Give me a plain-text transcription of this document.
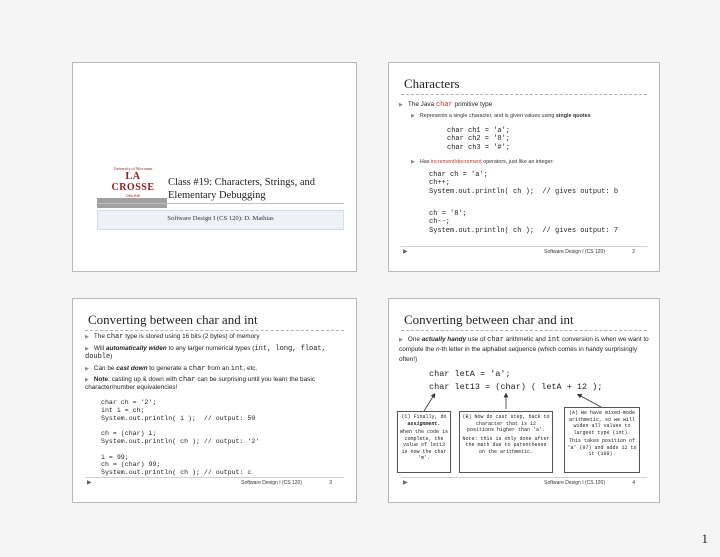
University of Wisconsin
LA CROSSE
ONLINE
Class #19: Characters, Strings, and Elementary Debugging
Software Design I (CS 120): D. Mathias
Characters
▶ The Java char primitive type
▶ Represents a single character, and is given values using single quotes
char ch1 = 'a';
char ch2 = '8';
char ch3 = '#';
▶ Has increment/decrement operators, just like an integer:
char ch = 'a';
ch++;
System.out.println( ch );  // gives output: b
ch = '8';
ch--;
System.out.println( ch );  // gives output: 7
▶	Software Design I (CS 120)	2
Converting between char and int
▶ The char type is stored using 16 bits (2 bytes) of memory
▶ Will automatically widen to any larger numerical types (int, long, float, double)
▶ Can be cast down to generate a char from an int, etc.
▶ Note: casting up & down with char can be surprising until you learn the basic character/number equivalencies!
char ch = '2';
int i = ch;
System.out.println( i );  // output: 50

ch = (char) i;
System.out.println( ch ); // output: '2'

i = 99;
ch = (char) 99;
System.out.println( ch ); // output: c
▶	Software Design I (CS 120)	3
Converting between char and int
▶ One actually handy use of char arithmetic and int conversion is when we want to compute the n-th letter in the alphabet sequence (which comes in handy surprisingly often!)
char letA = 'a';
char let13 = (char) ( letA + 12 );
(C) Finally, do
assignment.
When the code is complete, the value of let13 is now the char 'm'.
(B) Now do cast step, back to character that is 12 positions higher than 'a'.
Note: this is only done after the math due to parentheses on the arithmetic.
(A) We have mixed-mode arithmetic, so we will widen all values to largest type (int).
This takes position of 'a' (97) and adds 12 to it (109).
▶	Software Design I (CS 120)	4
1
